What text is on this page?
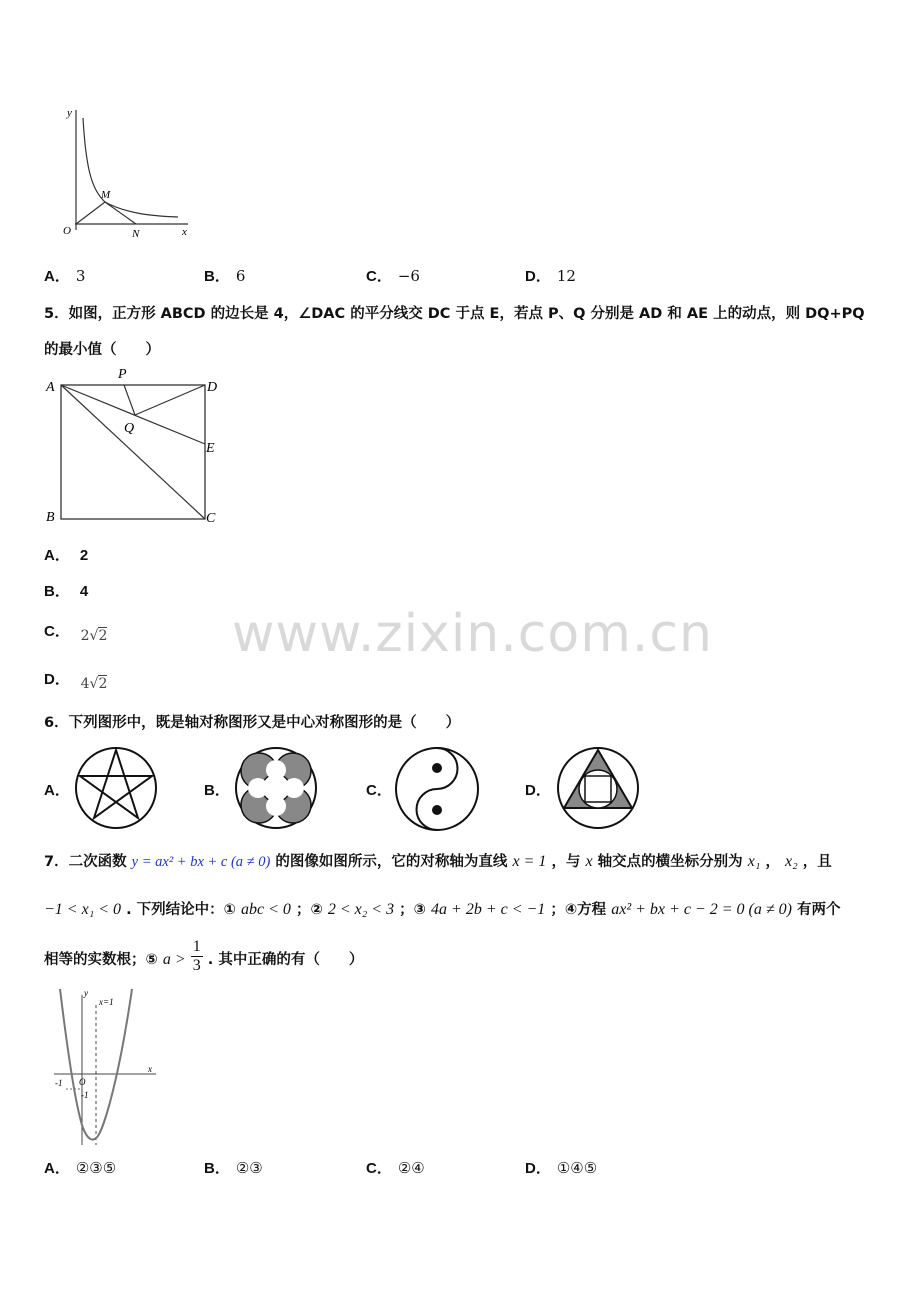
y
x
O
M
N
A． 3	B． 6	C． −6	D． 12
5．如图，正方形 ABCD 的边长是 4，∠DAC 的平分线交 DC 于点 E，若点 P、Q 分别是 AD 和 AE 上的动点，则 DQ+PQ
的最小值（　　）
A	D
P
Q
E
B	C
A． 2
B． 4
C． 2√2
D． 4√2
www.zixin.com.cn
6．下列图形中，既是轴对称图形又是中心对称图形的是（　　）
A．	B．	C．	D．
7．二次函数 y = ax² + bx + c (a ≠ 0) 的图像如图所示，它的对称轴为直线 x = 1 ，与 x 轴交点的横坐标分别为 x₁ ， x₂ ，且
−1 < x₁ < 0 . 下列结论中：① abc < 0 ；② 2 < x₂ < 3 ；③ 4a + 2b + c < −1 ；④方程 ax² + bx + c − 2 = 0 (a ≠ 0) 有两个
相等的实数根；⑤ $a > \frac{1}{3}$ . 其中正确的有（　　）
x=1
y
x
O
-1
-1
A． ②③⑤	B． ②③	C． ②④	D． ①④⑤
